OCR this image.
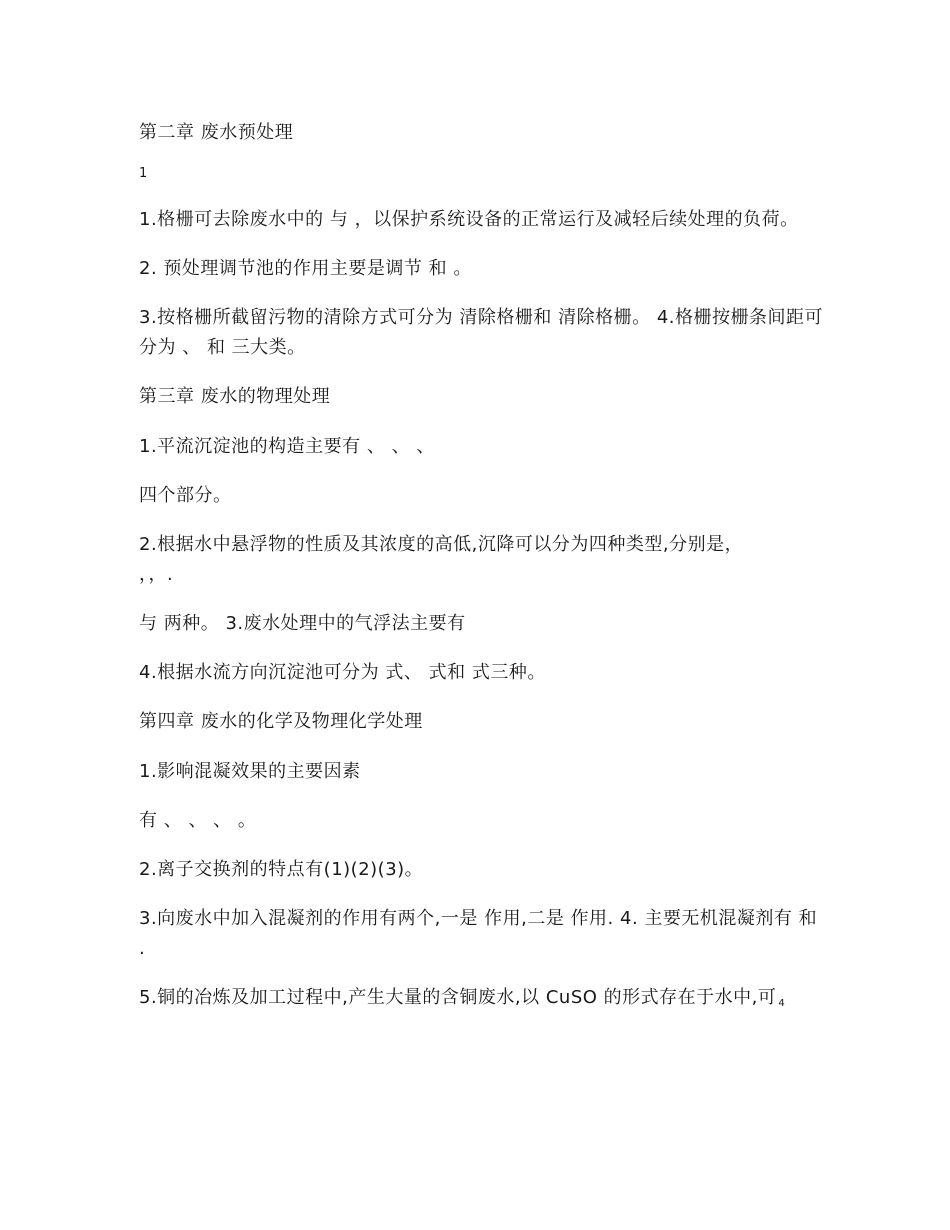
第二章 废水预处理
1
1.格栅可去除废水中的 与 ，以保护系统设备的正常运行及减轻后续处理的负荷。
2. 预处理调节池的作用主要是调节 和 。
3.按格栅所截留污物的清除方式可分为 清除格栅和 清除格栅。 4.格栅按栅条间距可分为 、 和 三大类。
第三章 废水的物理处理
1.平流沉淀池的构造主要有 、 、 、
四个部分。
2.根据水中悬浮物的性质及其浓度的高低,沉降可以分为四种类型,分别是，
，，.
与 两种。 3.废水处理中的气浮法主要有
4.根据水流方向沉淀池可分为 式、 式和 式三种。
第四章 废水的化学及物理化学处理
1.影响混凝效果的主要因素
有 、 、 、 。
2.离子交换剂的特点有(1)(2)(3)。
3.向废水中加入混凝剂的作用有两个,一是 作用,二是 作用. 4. 主要无机混凝剂有 和 .
5.铜的冶炼及加工过程中,产生大量的含铜废水,以 CuSO 的形式存在于水中,可 $_4$
